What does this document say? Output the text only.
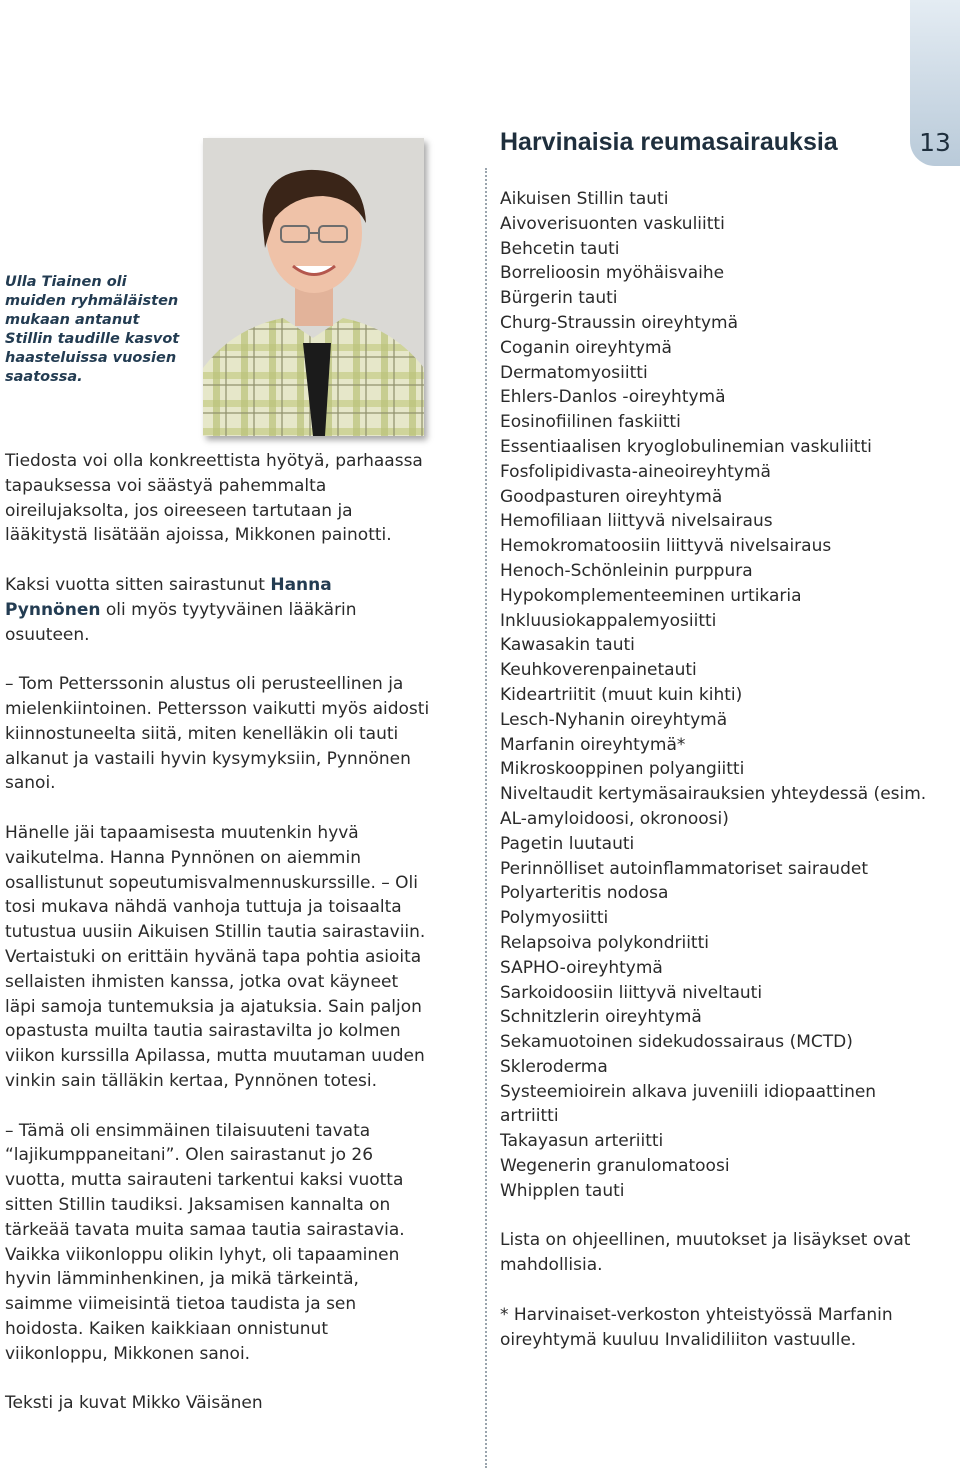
13
Harvinaisia reumasairauksia

Ulla Tiainen oli muiden ryhmäläisten mukaan antanut Stillin taudille kasvot haasteluissa vuosien saatossa.

Tiedosta voi olla konkreettista hyötyä, parhaassa tapauksessa voi säästyä pahemmalta oireilujaksolta, jos oireeseen tartutaan ja lääkitystä lisätään ajoissa, Mikkonen painotti.

Kaksi vuotta sitten sairastunut Hanna Pynnönen oli myös tyytyväinen lääkärin osuuteen.

– Tom Petterssonin alustus oli perusteellinen ja mielenkiintoinen. Pettersson vaikutti myös aidosti kiinnostuneelta siitä, miten kenelläkin oli tauti alkanut ja vastaili hyvin kysymyksiin, Pynnönen sanoi.

Hänelle jäi tapaamisesta muutenkin hyvä vaikutelma. Hanna Pynnönen on aiemmin osallistunut sopeutumisvalmennuskurssille. – Oli tosi mukava nähdä vanhoja tuttuja ja toisaalta tutustua uusiin Aikuisen Stillin tautia sairastaviin. Vertaistuki on erittäin hyvänä tapa pohtia asioita sellaisten ihmisten kanssa, jotka ovat käyneet läpi samoja tuntemuksia ja ajatuksia. Sain paljon opastusta muilta tautia sairastavilta jo kolmen viikon kurssilla Apilassa, mutta muutaman uuden vinkin sain tälläkin kertaa, Pynnönen totesi.

– Tämä oli ensimmäinen tilaisuuteni tavata “lajikumppaneitani”. Olen sairastanut jo 26 vuotta, mutta sairauteni tarkentui kaksi vuotta sitten Stillin taudiksi. Jaksamisen kannalta on tärkeää tavata muita samaa tautia sairastavia. Vaikka viikonloppu olikin lyhyt, oli tapaaminen hyvin lämminhenkinen, ja mikä tärkeintä, saimme viimeisintä tietoa taudista ja sen hoidosta. Kaiken kaikkiaan onnistunut viikonloppu, Mikkonen sanoi.

Teksti ja kuvat Mikko Väisänen

Aikuisen Stillin tauti
Aivoverisuonten vaskuliitti
Behcetin tauti
Borrelioosin myöhäisvaihe
Bürgerin tauti
Churg-Straussin oireyhtymä
Coganin oireyhtymä
Dermatomyosiitti
Ehlers-Danlos -oireyhtymä
Eosinofiilinen faskiitti
Essentiaalisen kryoglobulinemian vaskuliitti
Fosfolipidivasta-aineoireyhtymä
Goodpasturen oireyhtymä
Hemofiliaan liittyvä nivelsairaus
Hemokromatoosiin liittyvä nivelsairaus
Henoch-Schönleinin purppura
Hypokomplementeeminen urtikaria
Inkluusiokappalemyosiitti
Kawasakin tauti
Keuhkoverenpainetauti
Kideartriitit (muut kuin kihti)
Lesch-Nyhanin oireyhtymä
Marfanin oireyhtymä*
Mikroskooppinen polyangiitti
Niveltaudit kertymäsairauksien yhteydessä (esim. AL-amyloidoosi, okronoosi)
Pagetin luutauti
Perinnölliset autoinflammatoriset sairaudet
Polyarteritis nodosa
Polymyosiitti
Relapsoiva polykondriitti
SAPHO-oireyhtymä
Sarkoidoosiin liittyvä niveltauti
Schnitzlerin oireyhtymä
Sekamuotoinen sidekudossairaus (MCTD)
Skleroderma
Systeemioirein alkava juveniili idiopaattinen artriitti
Takayasun arteriitti
Wegenerin granulomatoosi
Whipplen tauti

Lista on ohjeellinen, muutokset ja lisäykset ovat mahdollisia.

* Harvinaiset-verkoston yhteistyössä Marfanin oireyhtymä kuuluu Invalidiliiton vastuulle.
